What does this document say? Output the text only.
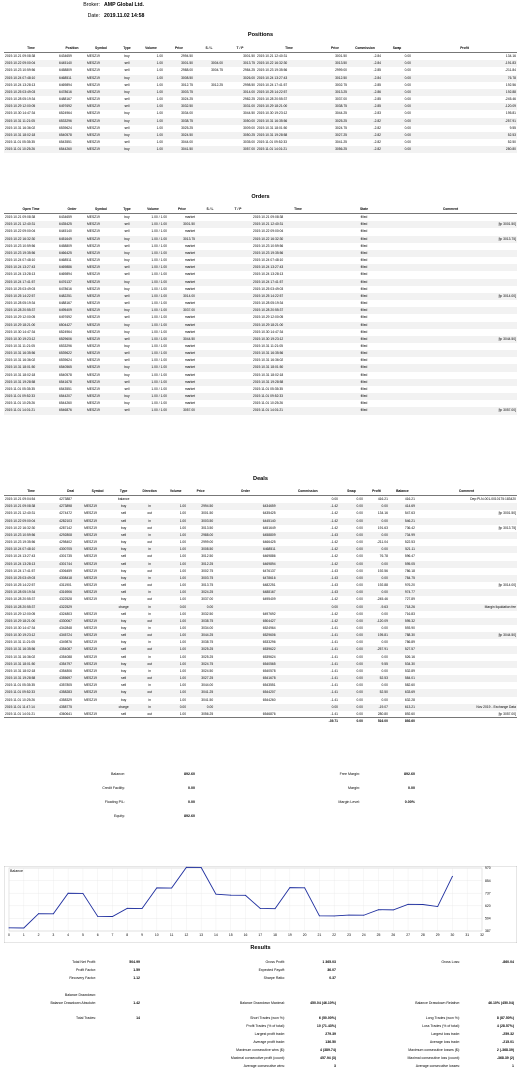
Broker: AMP Global Ltd.
Date: 2019.11.02 14:58
Positions
Time	Position	Symbol	Type	Volume	Price	S / L	T / P	Time	Price	Commission	Swap	Profit
2019.10.21 09:08:38	6434659	MESZ19	buy	1.00	2994.50		3001.50	2019.10.21 12:40:31	3001.50	-2.84	0.00	134.16
2019.10.22 09:00:04	6445140	MESZ19	sell	1.00	3001.50	3004.00	3013.75	2019.10.22 16:32:30	3013.50	-2.84	0.00	-191.83
2019.10.23 10:59:56	6458809	MESZ19	sell	1.00	2988.00	3004.75	2984.25	2019.10.23 19:35:56	2999.00	-2.85	0.00	-211.84
2019.10.24 07:48:10	6468511	MESZ19	buy	1.00	3008.50		3026.00	2019.10.24 13:27:43	3012.50	-2.84	0.00	76.78
2019.10.24 13:28:13	6469894	MESZ19	sell	1.00	3012.75	3012.25	2998.50	2019.10.24 17:41:57	3002.75	-2.85	0.00	192.56
2019.10.25 03:49:03	6478616	MESZ19	buy	1.00	3003.75		3014.00	2019.10.25 14:22:57	3013.25	-2.86	0.00	192.88
2019.10.28 05:19:34	6488167	MESZ19	sell	1.00	3024.25		2982.25	2019.10.28 20:55:37	3037.00	-2.85	0.00	-245.46
2019.10.29 12:00:05	6497692	MESZ19	sell	1.00	3032.50		3031.00	2019.10.29 18:21:00	3038.75	-2.85	0.00	-120.09
2019.10.30 14:47:34	6524964	MESZ19	buy	1.00	3034.00		3044.50	2019.10.30 19:23:12	3044.25	-2.83	0.00	195.81
2019.10.31 11:21:05	6533296	MESZ19	buy	1.00	3038.75		3050.00	2019.10.31 16:35:56	3025.25	-2.82	0.00	-257.91
2019.10.31 16:36:02	6539624	MESZ19	sell	1.00	3025.25		3009.00	2019.10.31 18:01:50	3024.75	-2.82	0.00	9.55
2019.10.31 18:02:18	6540578	MESZ19	buy	1.00	3024.50		3050.25	2019.10.31 19:28:58	3027.25	-2.82	0.00	52.53
2019.11.01 05:35:35	6543551	MESZ19	sell	1.00	3044.00		3035.00	2019.11.01 09:52:33	3041.25	-2.82	0.00	52.50
2019.11.01 10:25:26	6544260	MESZ19	buy	1.00	3041.50		3057.00	2019.11.01 14:01:21	3056.25	-2.82	0.00	280.80
Orders
Open Time	Order	Symbol	Type	Volume	Price	S / L	T / P	Time	State	Comment
2019.10.21 09:08:38	6434659	MESZ19	buy	1.00 / 1.00	market			2019.10.21 09:08:38	filled	
2019.10.21 12:40:31	6435425	MESZ19	sell	1.00 / 1.00	3001.50			2019.10.21 12:40:31	filled	[tp 3001.50]
2019.10.22 09:00:04	6445140	MESZ19	sell	1.00 / 1.00	market			2019.10.22 09:00:04	filled	
2019.10.22 16:32:30	6451649	MESZ19	buy	1.00 / 1.00	3013.75			2019.10.22 16:32:30	filled	[tp 3013.75]
2019.10.23 10:59:56	6458809	MESZ19	sell	1.00 / 1.00	market			2019.10.23 10:59:56	filled	
2019.10.23 19:35:56	6466425	MESZ19	buy	1.00 / 1.00	market			2019.10.23 19:35:56	filled	
2019.10.24 07:48:10	6468511	MESZ19	buy	1.00 / 1.00	market			2019.10.24 07:48:10	filled	
2019.10.24 13:27:43	6469886	MESZ19	sell	1.00 / 1.00	market			2019.10.24 13:27:43	filled	
2019.10.24 13:28:13	6469894	MESZ19	sell	1.00 / 1.00	market			2019.10.24 13:28:13	filled	
2019.10.24 17:41:57	6476137	MESZ19	buy	1.00 / 1.00	market			2019.10.24 17:41:57	filled	
2019.10.25 03:49:03	6478616	MESZ19	buy	1.00 / 1.00	market			2019.10.25 03:49:03	filled	
2019.10.25 14:22:57	6482251	MESZ19	sell	1.00 / 1.00	3014.00			2019.10.25 14:22:57	filled	[tp 3014.00]
2019.10.28 05:19:34	6488167	MESZ19	sell	1.00 / 1.00	market			2019.10.28 05:19:34	filled	
2019.10.28 20:55:37	6495409	MESZ19	buy	1.00 / 1.00	3037.00			2019.10.28 20:55:37	filled	
2019.10.29 12:00:05	6497692	MESZ19	sell	1.00 / 1.00	market			2019.10.29 12:00:05	filled	
2019.10.29 18:21:00	6504427	MESZ19	buy	1.00 / 1.00	market			2019.10.29 18:21:00	filled	
2019.10.30 14:47:34	6524964	MESZ19	buy	1.00 / 1.00	market			2019.10.30 14:47:34	filled	
2019.10.30 19:23:12	6529606	MESZ19	sell	1.00 / 1.00	3044.50			2019.10.30 19:23:12	filled	[tp 3044.50]
2019.10.31 11:21:05	6533296	MESZ19	buy	1.00 / 1.00	market			2019.10.31 11:21:05	filled	
2019.10.31 16:35:56	6539622	MESZ19	sell	1.00 / 1.00	market			2019.10.31 16:35:56	filled	
2019.10.31 16:36:02	6539624	MESZ19	sell	1.00 / 1.00	market			2019.10.31 16:36:02	filled	
2019.10.31 18:01:50	6540565	MESZ19	buy	1.00 / 1.00	market			2019.10.31 18:01:50	filled	
2019.10.31 18:02:18	6540578	MESZ19	buy	1.00 / 1.00	market			2019.10.31 18:02:18	filled	
2019.10.31 19:28:58	6541678	MESZ19	sell	1.00 / 1.00	market			2019.10.31 19:28:58	filled	
2019.11.01 05:35:35	6543551	MESZ19	sell	1.00 / 1.00	market			2019.11.01 05:35:35	filled	
2019.11.01 09:52:33	6544207	MESZ19	buy	1.00 / 1.00	market			2019.11.01 09:52:33	filled	
2019.11.01 10:25:26	6544260	MESZ19	buy	1.00 / 1.00	market			2019.11.01 10:25:26	filled	
2019.11.01 14:01:21	6546876	MESZ19	sell	1.00 / 1.00	3057.00			2019.11.01 14:01:21	filled	[tp 3057.00]
Deals
Time	Deal	Symbol	Type	Direction	Volume	Price	Order	Commission	Swap	Profit	Balance	Comment
2019.10.21 09:04:54	4273887		balance					0.00	0.00	416.21	416.21	Dep:PLN-001-0010175:183420
2019.10.21 09:08:38	4273898	MESZ19	buy	in	1.00	2994.50	6434659	-1.42	0.00	0.00	414.69	
2019.10.21 12:40:31	4274472	MESZ19	sell	out	1.00	3001.50	6435425	-1.42	0.00	134.16	547.63	[tp 3001.50]
2019.10.22 09:00:04	4282103	MESZ19	sell	in	1.00	3003.50	6445140	-1.42	0.00	0.00	546.21	
2019.10.22 16:32:30	4287142	MESZ19	buy	out	1.00	3013.50	6451649	-1.42	0.00	191.63	736.42	[tp 3013.75]
2019.10.23 10:59:56	4292808	MESZ19	sell	in	1.00	2988.00	6458809	-1.43	0.00	0.00	734.99	
2019.10.23 19:35:56	4298402	MESZ19	buy	out	1.00	2999.00	6466425	-1.42	0.00	-211.04	522.53	
2019.10.24 07:48:10	4300705	MESZ19	buy	in	1.00	3008.50	6468511	-1.42	0.00	0.00	521.11	
2019.10.24 13:27:43	4301735	MESZ19	sell	out	1.00	3012.50	6469886	-1.42	0.00	76.78	596.47	
2019.10.24 13:28:13	4301744	MESZ19	sell	in	1.00	3012.25	6469894	-1.42	0.00	0.00	595.05	
2019.10.24 17:41:57	4306459	MESZ19	buy	out	1.00	3002.75	6476137	-1.43	0.00	192.56	786.18	
2019.10.25 03:49:03	4308418	MESZ19	buy	in	1.00	3003.75	6478616	-1.43	0.00	0.00	784.75	
2019.10.25 14:22:57	4311901	MESZ19	sell	out	1.00	3013.75	6482251	-1.43	0.00	192.88	976.20	[tp 3014.00]
2019.10.28 05:19:34	4316906	MESZ19	sell	in	1.00	3024.25	6488167	-1.43	0.00	0.00	974.77	
2019.10.28 20:55:37	4322528	MESZ19	buy	out	1.00	3037.00	6495409	-1.42	0.00	-245.46	727.89	
2019.10.28 20:55:37	4322529		charge	in	0.00	0.00		0.00	0.00	-9.63	718.26	Margin liquidation fee
2019.10.29 12:00:05	4324803	MESZ19	sell	in	1.00	3032.50	6497692	-1.42	0.00	0.00	716.83	
2019.10.29 18:21:00	4330067	MESZ19	buy	out	1.00	3038.75	6504427	-1.42	0.00	-120.09	595.32	
2019.10.30 14:47:34	4342848	MESZ19	buy	in	1.00	3034.00	6524964	-1.41	0.00	0.00	593.90	
2019.10.30 19:23:12	4345724	MESZ19	sell	out	1.00	3044.25	6529606	-1.41	0.00	195.81	788.30	[tp 3044.50]
2019.10.31 11:21:05	4349876	MESZ19	buy	in	1.00	3038.75	6533296	-1.41	0.00	0.00	786.89	
2019.10.31 16:35:56	4354087	MESZ19	sell	out	1.00	3025.25	6539622	-1.41	0.00	-257.91	527.57	
2019.10.31 16:36:02	4354088	MESZ19	sell	in	1.00	3025.25	6539624	-1.41	0.00	0.00	526.16	
2019.10.31 18:01:50	4354797	MESZ19	buy	out	1.00	3024.75	6540565	-1.41	0.00	9.55	534.30	
2019.10.31 18:02:18	4354806	MESZ19	buy	in	1.00	3024.50	6540578	-1.41	0.00	0.00	532.89	
2019.10.31 19:28:58	4355697	MESZ19	sell	out	1.00	3027.25	6541678	-1.41	0.00	52.53	584.01	
2019.11.01 05:35:35	4357805	MESZ19	sell	in	1.00	3044.00	6543551	-1.41	0.00	0.00	582.60	
2019.11.01 09:52:33	4358283	MESZ19	buy	out	1.00	3041.25	6544207	-1.41	0.00	52.50	633.69	
2019.11.01 10:25:26	4358329	MESZ19	buy	in	1.00	3041.50	6544260	-1.41	0.00	0.00	632.28	
2019.11.01 11:47:14	4358775		charge	in	0.00	0.00		0.00	0.00	-19.07	613.21	Nov 2019 - Exchange Data
2019.11.01 14:01:21	4360641	MESZ19	sell	out	1.00	3056.25	6546876	-1.41	0.00	280.80	892.60	[tp 3057.00]
	-39.71	0.00	516.00	892.60	
Balance:	892.60
Credit Facility:	0.00
Floating P/L:	0.00
Equity:	892.60
Free Margin:	892.60
Margin:	0.00
Margin Level:	0.00%
Balance
0	1	2	3	4	5	6	7	8	9	10	11	12	13	14	15	16	17	18	19	20	21	22	23	24	25	26	27	28	29	30	31	32
970
854
737
620
504
387
Results
Total Net Profit:	504.99	Gross Profit:	1 365.03	Gross Loss:	-860.04
Profit Factor:	1.59	Expected Payoff:	36.07
Recovery Factor:	1.12	Sharpe Ratio:	0.37
Balance Drawdown:
Balance Drawdown Absolute:	1.42	Balance Drawdown Maximal:	450.04 (46.10%)	Balance Drawdown Relative:	46.10% (450.04)
Total Trades:	14	Short Trades (won %):	6 (50.00%)	Long Trades (won %):	8 (87.50%)
Profit Trades (% of total):	10 (71.43%)	Loss Trades (% of total):	4 (28.57%)
Largest profit trade:	279.39	Largest loss trade:	-259.32
Average profit trade:	136.50	Average loss trade:	-215.01
Maximum consecutive wins ($):	4 (389.74)	Maximum consecutive losses ($):	2 (-368.39)
Maximal consecutive profit (count):	457.94 (3)	Maximal consecutive loss (count):	-368.39 (2)
Average consecutive wins:	3	Average consecutive losses:	1
